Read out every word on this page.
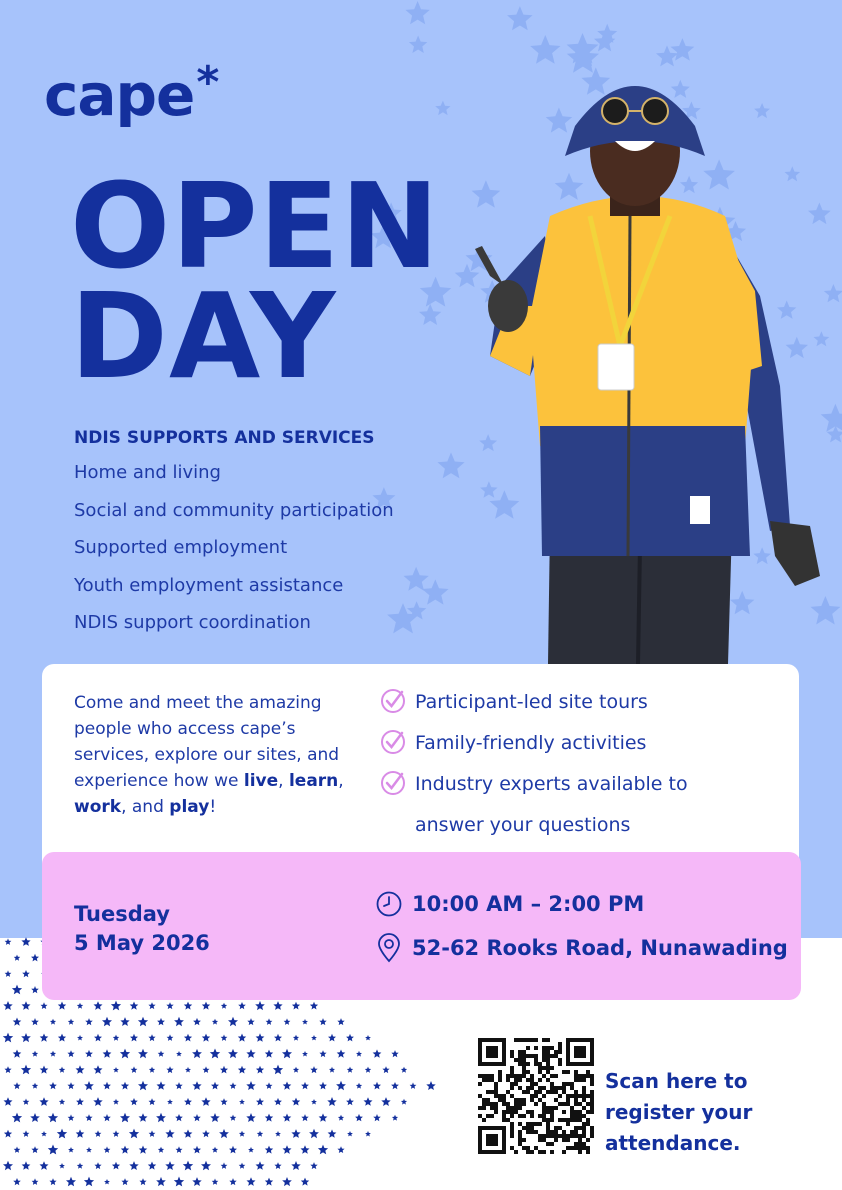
cape*
OPEN
DAY
NDIS SUPPORTS AND SERVICES
Home and living
Social and community participation
Supported employment
Youth employment assistance
NDIS support coordination
Come and meet the amazing people who access cape’s services, explore our sites, and experience how we live, learn, work, and play!
Participant-led site tours
Family-friendly activities
Industry experts available to
answer your questions
Tuesday
5 May 2026
10:00 AM – 2:00 PM
52-62 Rooks Road, Nunawading
Scan here to
register your
attendance.
